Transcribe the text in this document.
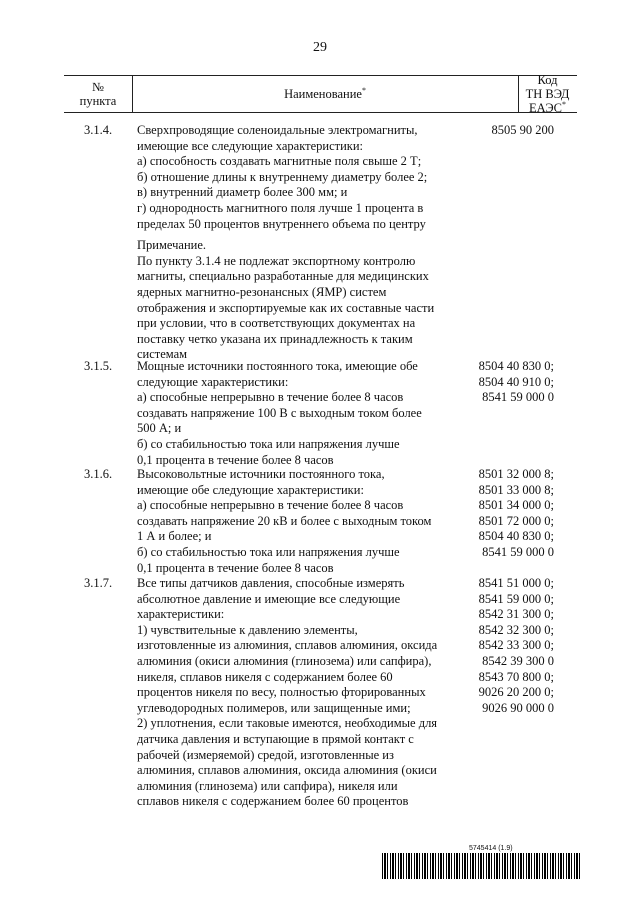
29
№
пункта	Наименование*
Код
ТН ВЭД ЕАЭС*
3.1.4. Сверхпроводящие соленоидальные электромагниты,
имеющие все следующие характеристики:
а) способность создавать магнитные поля свыше 2 Т;
б) отношение длины к внутреннему диаметру более 2;
в) внутренний диаметр более 300 мм; и
г) однородность магнитного поля лучше 1 процента в
пределах 50 процентов внутреннего объема по центру
Примечание.
По пункту 3.1.4 не подлежат экспортному контролю
магниты, специально разработанные для медицинских
ядерных магнитно-резонансных (ЯМР) систем
отображения и экспортируемые как их составные части
при условии, что в соответствующих документах на
поставку четко указана их принадлежность к таким
системам
8505 90 200
3.1.5. Мощные источники постоянного тока, имеющие обе
следующие характеристики:
а) способные непрерывно в течение более 8 часов
создавать напряжение 100 В с выходным током более
500 А; и
б) со стабильностью тока или напряжения лучше
0,1 процента в течение более 8 часов
8504 40 830 0;
8504 40 910 0;
8541 59 000 0
3.1.6. Высоковольтные источники постоянного тока,
имеющие обе следующие характеристики:
а) способные непрерывно в течение более 8 часов
создавать напряжение 20 кВ и более с выходным током
1 А и более; и
б) со стабильностью тока или напряжения лучше
0,1 процента в течение более 8 часов
8501 32 000 8;
8501 33 000 8;
8501 34 000 0;
8501 72 000 0;
8504 40 830 0;
8541 59 000 0
3.1.7. Все типы датчиков давления, способные измерять
абсолютное давление и имеющие все следующие
характеристики:
1) чувствительные к давлению элементы,
изготовленные из алюминия, сплавов алюминия, оксида
алюминия (окиси алюминия (глинозема) или сапфира),
никеля, сплавов никеля с содержанием более 60
процентов никеля по весу, полностью фторированных
углеводородных полимеров, или защищенные ими;
2) уплотнения, если таковые имеются, необходимые для
датчика давления и вступающие в прямой контакт с
рабочей (измеряемой) средой, изготовленные из
алюминия, сплавов алюминия, оксида алюминия (окиси
алюминия (глинозема) или сапфира), никеля или
сплавов никеля с содержанием более 60 процентов
8541 51 000 0;
8541 59 000 0;
8542 31 300 0;
8542 32 300 0;
8542 33 300 0;
8542 39 300 0
8543 70 800 0;
9026 20 200 0;
9026 90 000 0
5745414 (1.9)
